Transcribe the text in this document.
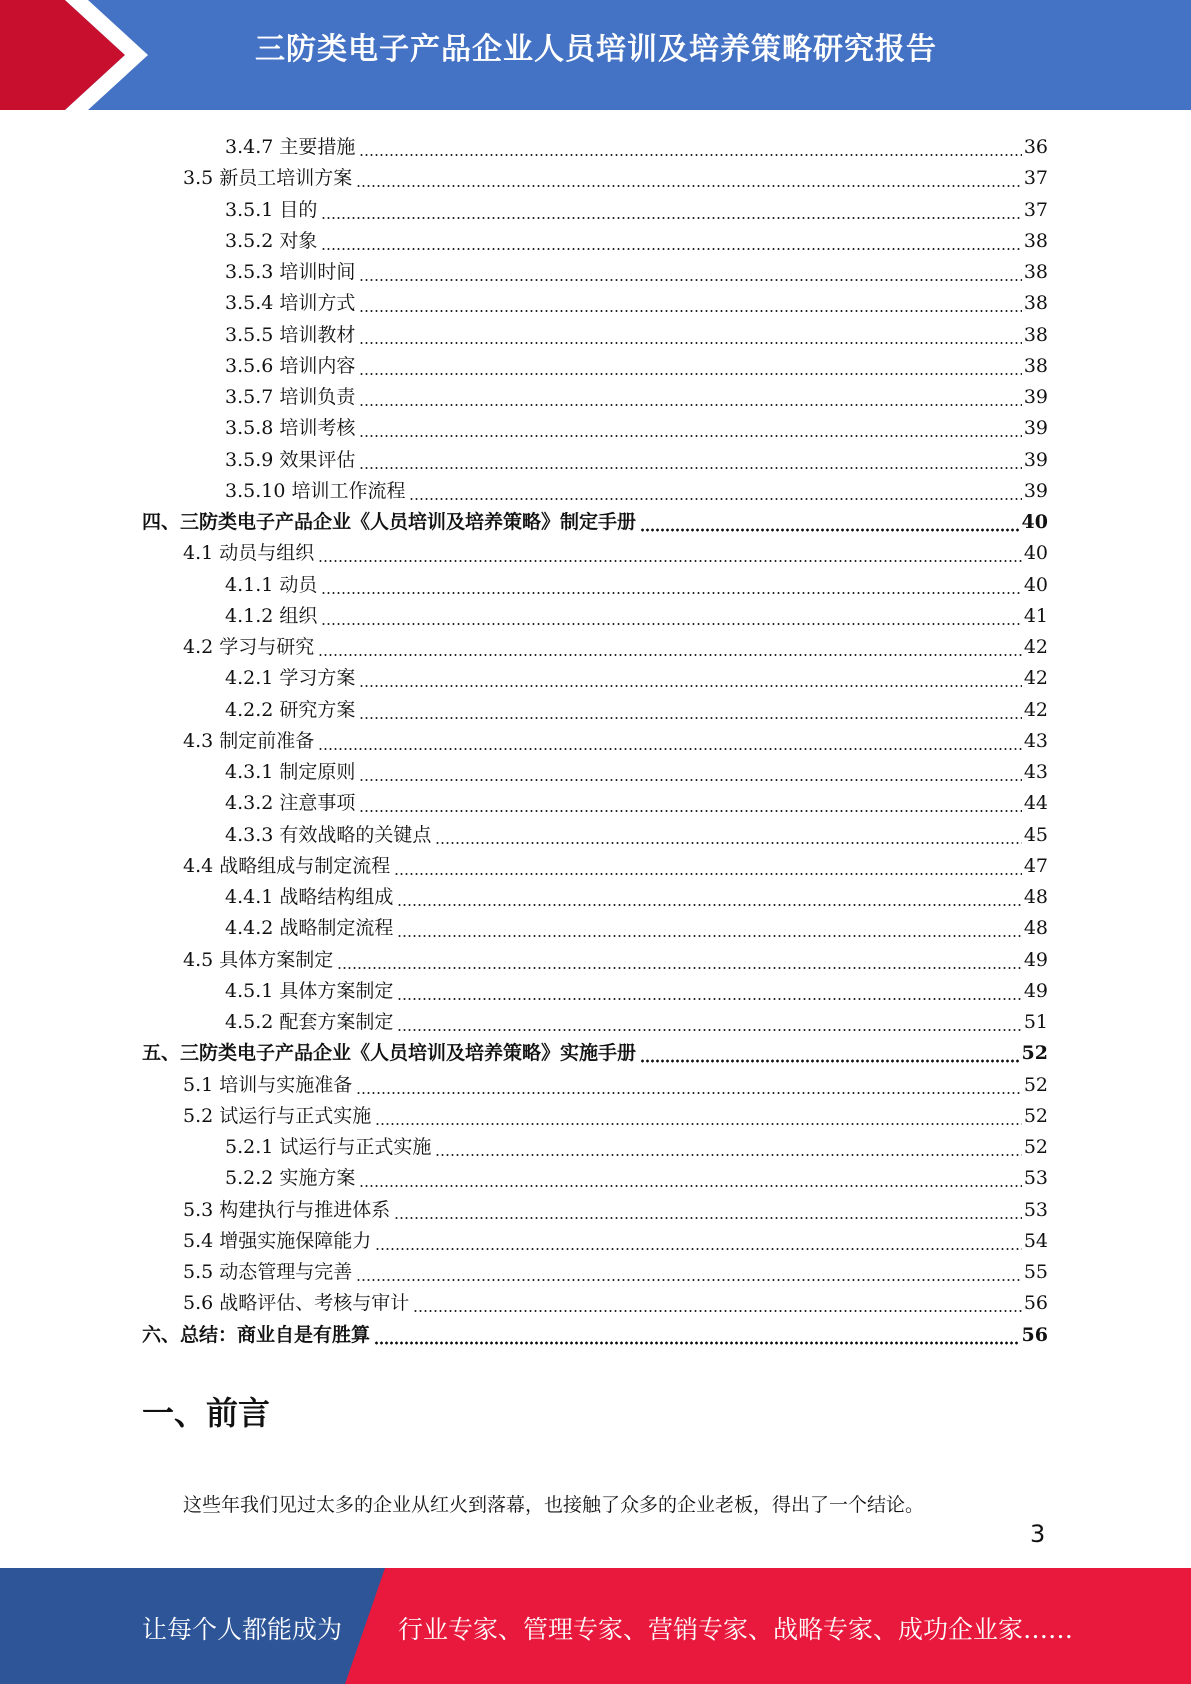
三防类电子产品企业人员培训及培养策略研究报告
3.4.7 主要措施	36
3.5 新员工培训方案	37
3.5.1 目的	37
3.5.2 对象	38
3.5.3 培训时间	38
3.5.4 培训方式	38
3.5.5 培训教材	38
3.5.6 培训内容	38
3.5.7 培训负责	39
3.5.8 培训考核	39
3.5.9 效果评估	39
3.5.10 培训工作流程	39
四、三防类电子产品企业《人员培训及培养策略》制定手册	40
4.1 动员与组织	40
4.1.1 动员	40
4.1.2 组织	41
4.2 学习与研究	42
4.2.1 学习方案	42
4.2.2 研究方案	42
4.3 制定前准备	43
4.3.1 制定原则	43
4.3.2 注意事项	44
4.3.3 有效战略的关键点	45
4.4 战略组成与制定流程	47
4.4.1 战略结构组成	48
4.4.2 战略制定流程	48
4.5 具体方案制定	49
4.5.1 具体方案制定	49
4.5.2 配套方案制定	51
五、三防类电子产品企业《人员培训及培养策略》实施手册	52
5.1 培训与实施准备	52
5.2 试运行与正式实施	52
5.2.1 试运行与正式实施	52
5.2.2 实施方案	53
5.3 构建执行与推进体系	53
5.4 增强实施保障能力	54
5.5 动态管理与完善	55
5.6 战略评估、考核与审计	56
六、总结：商业自是有胜算	56
一、前言
这些年我们见过太多的企业从红火到落幕，也接触了众多的企业老板，得出了一个结论。
3
让每个人都能成为 行业专家、管理专家、营销专家、战略专家、成功企业家……
